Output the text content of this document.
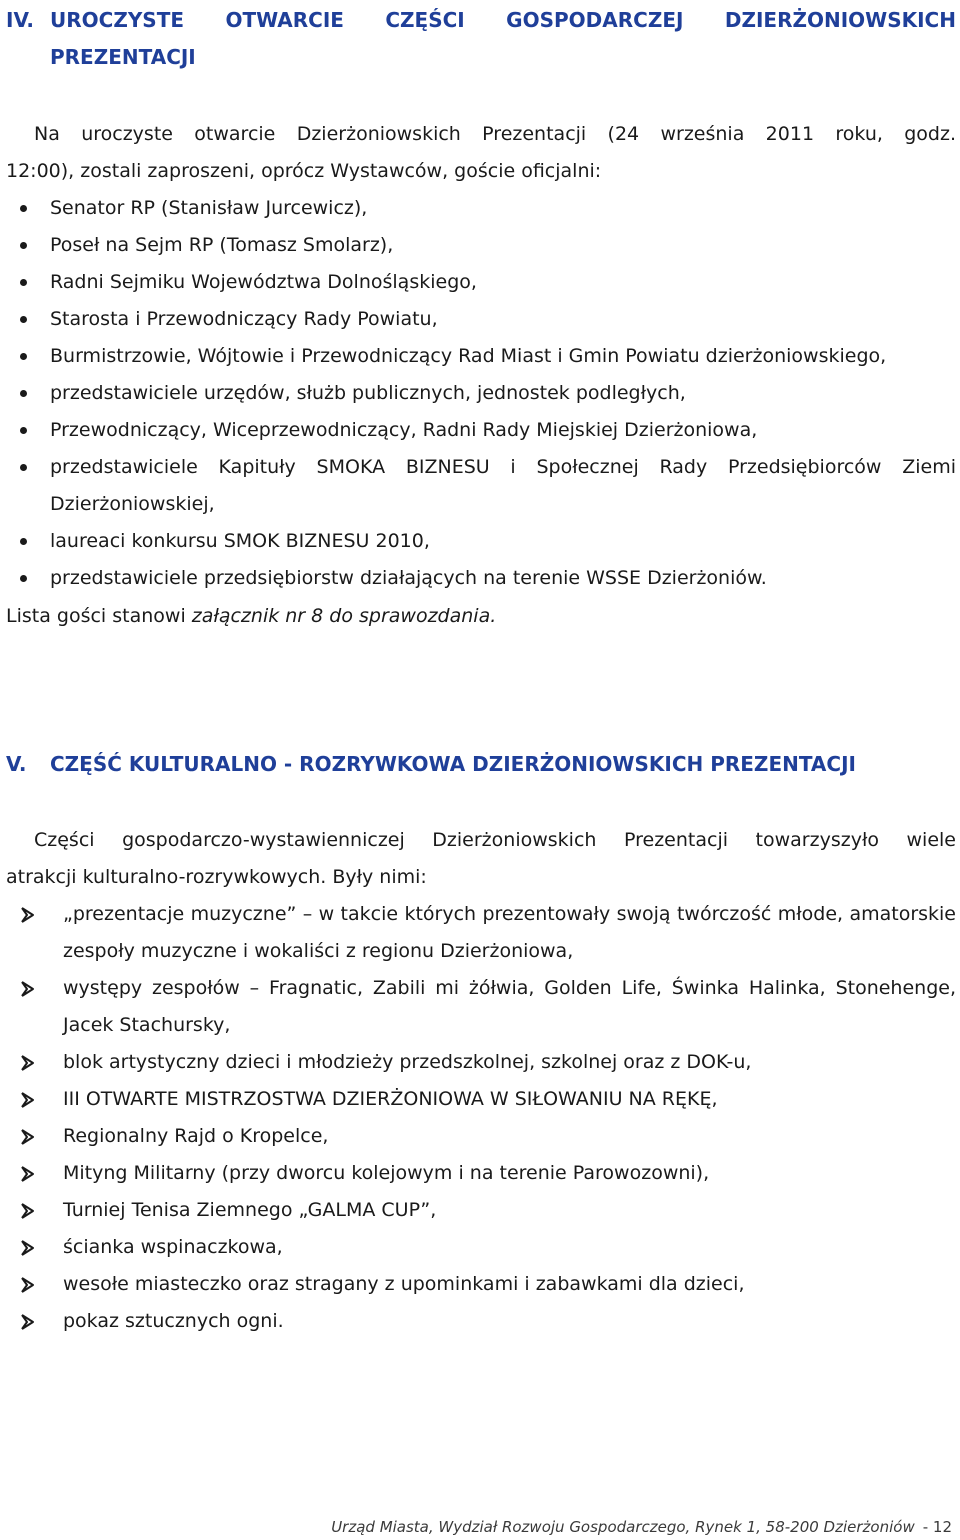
IV. UROCZYSTE OTWARCIE CZĘŚCI GOSPODARCZEJ DZIERŻONIOWSKICH
PREZENTACJI
Na uroczyste otwarcie Dzierżoniowskich Prezentacji (24 września 2011 roku, godz.
12:00), zostali zaproszeni, oprócz Wystawców, goście oficjalni:
Senator RP (Stanisław Jurcewicz),
Poseł na Sejm RP (Tomasz Smolarz),
Radni Sejmiku Województwa Dolnośląskiego,
Starosta i Przewodniczący Rady Powiatu,
Burmistrzowie, Wójtowie i Przewodniczący Rad Miast i Gmin Powiatu dzierżoniowskiego,
przedstawiciele urzędów, służb publicznych, jednostek podległych,
Przewodniczący, Wiceprzewodniczący, Radni Rady Miejskiej Dzierżoniowa,
przedstawiciele Kapituły SMOKA BIZNESU i Społecznej Rady Przedsiębiorców Ziemi Dzierżoniowskiej,
laureaci konkursu SMOK BIZNESU 2010,
przedstawiciele przedsiębiorstw działających na terenie WSSE Dzierżoniów.
Lista gości stanowi załącznik nr 8 do sprawozdania.
V. CZĘŚĆ KULTURALNO - ROZRYWKOWA DZIERŻONIOWSKICH PREZENTACJI
Części gospodarczo-wystawienniczej Dzierżoniowskich Prezentacji towarzyszyło wiele
atrakcji kulturalno-rozrywkowych. Były nimi:
„prezentacje muzyczne” – w takcie których prezentowały swoją twórczość młode, amatorskie zespoły muzyczne i wokaliści z regionu Dzierżoniowa,
występy zespołów – Fragnatic, Zabili mi żółwia, Golden Life, Świnka Halinka, Stonehenge, Jacek Stachursky,
blok artystyczny dzieci i młodzieży przedszkolnej, szkolnej oraz z DOK-u,
III OTWARTE MISTRZOSTWA DZIERŻONIOWA W SIŁOWANIU NA RĘKĘ,
Regionalny Rajd o Kropelce,
Mityng Militarny (przy dworcu kolejowym i na terenie Parowozowni),
Turniej Tenisa Ziemnego „GALMA CUP”,
ścianka wspinaczkowa,
wesołe miasteczko oraz stragany z upominkami i zabawkami dla dzieci,
pokaz sztucznych ogni.
Urząd Miasta, Wydział Rozwoju Gospodarczego, Rynek 1, 58-200 Dzierżoniów - 12
